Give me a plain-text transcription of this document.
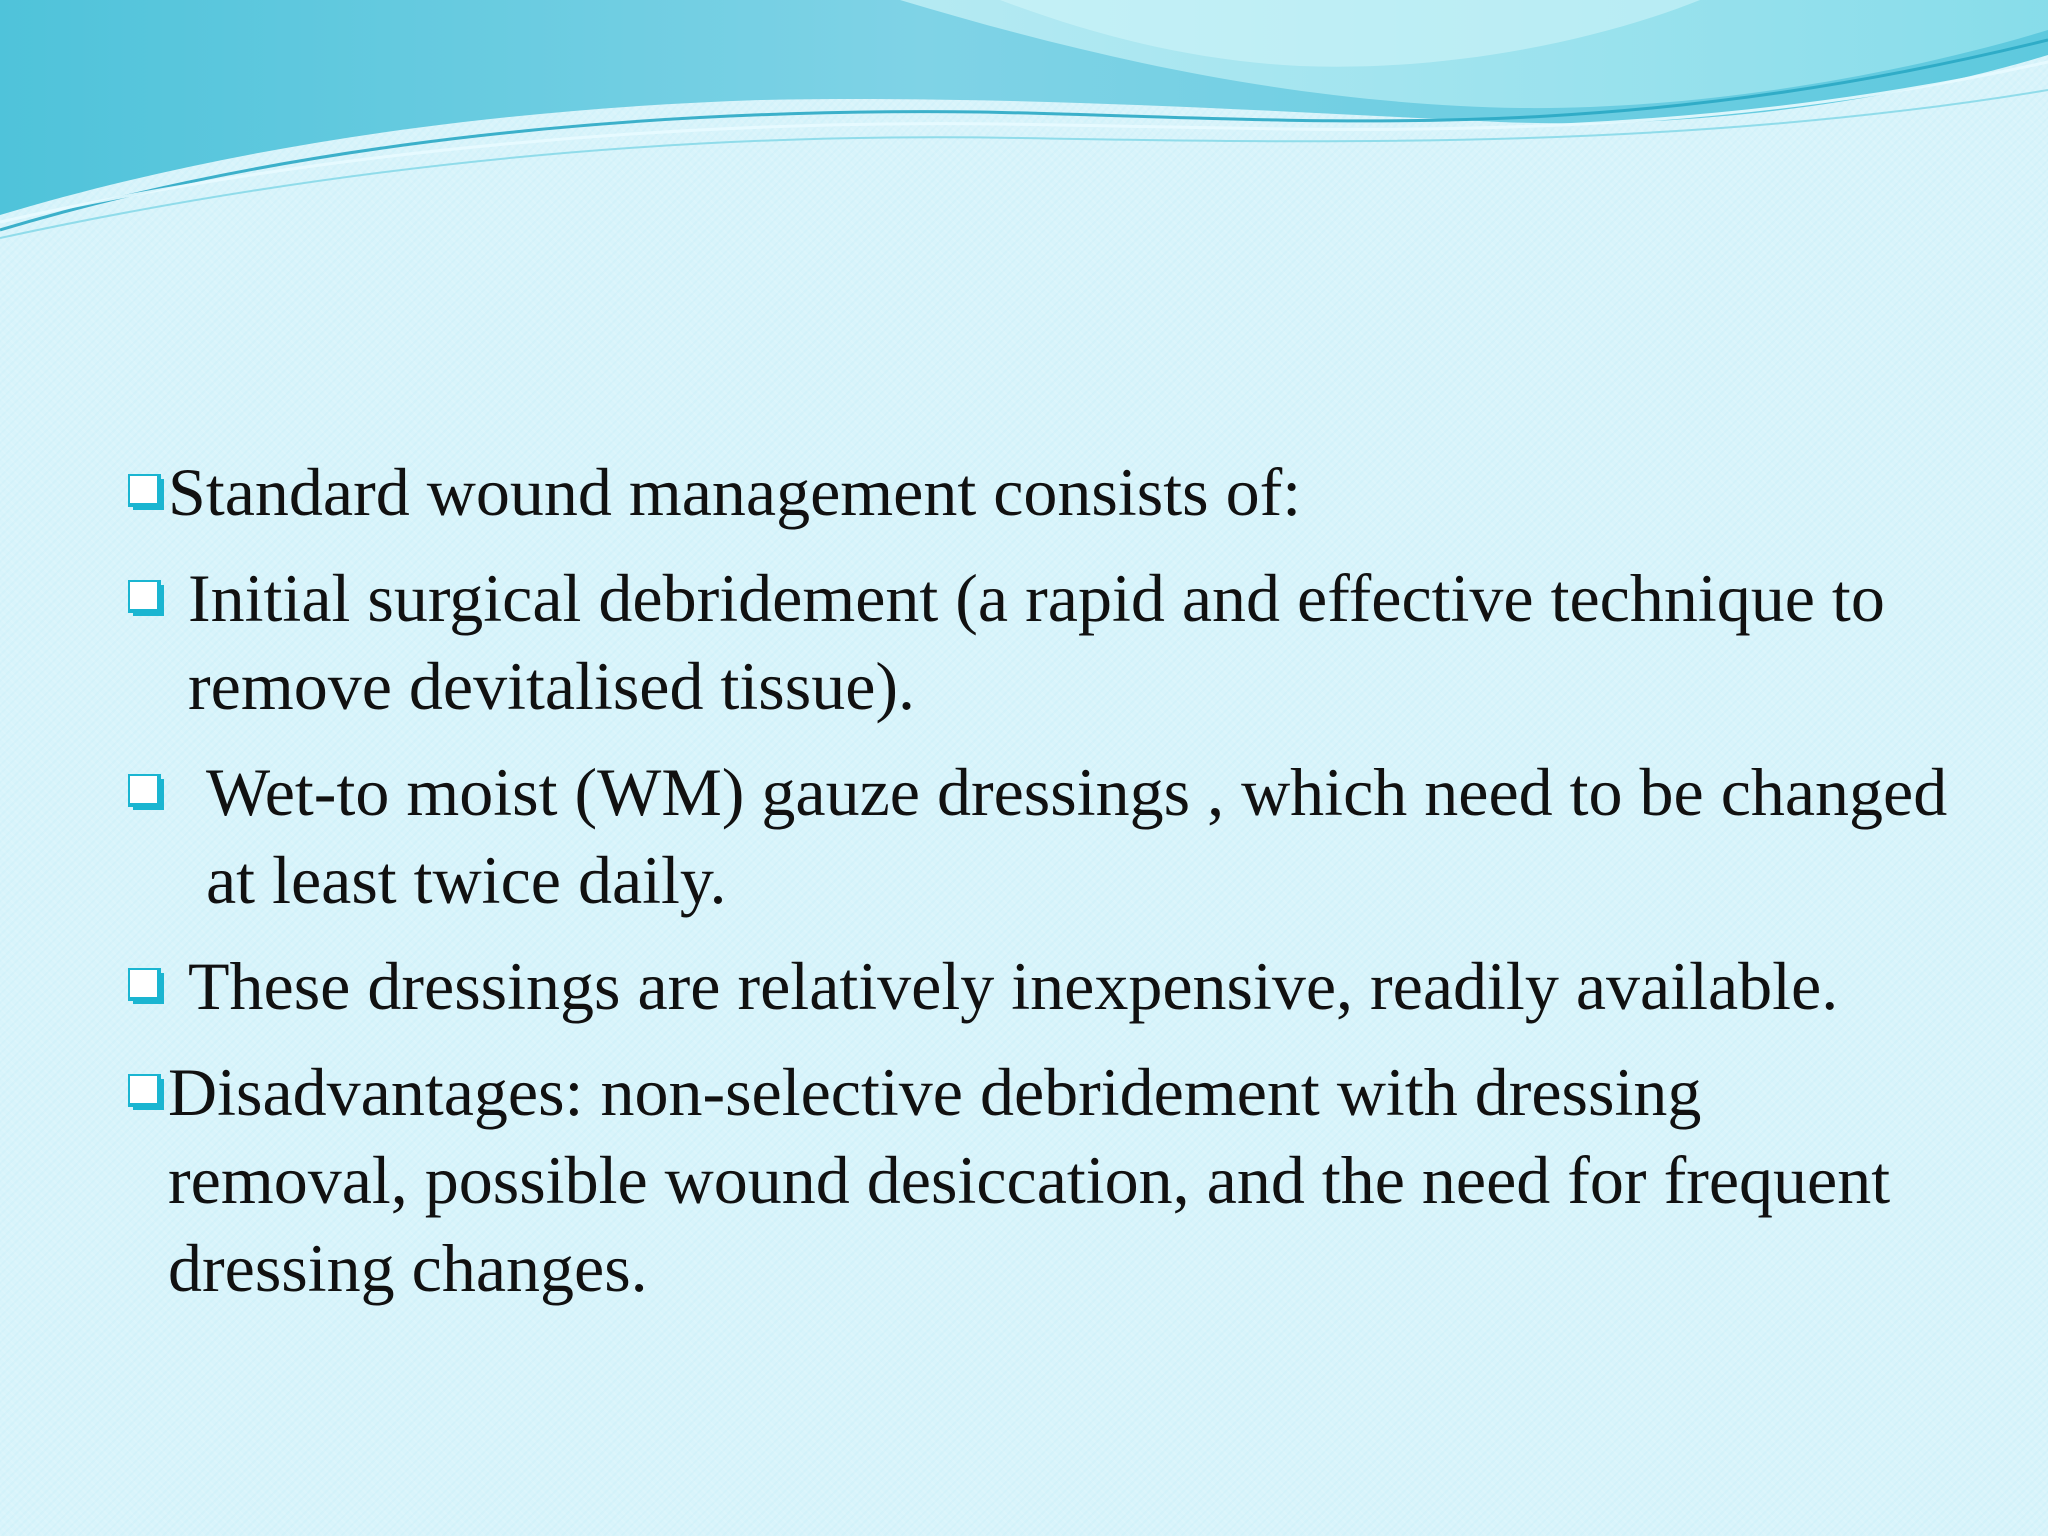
Standard wound management consists of:
Initial surgical debridement (a rapid and effective technique to remove devitalised tissue).
Wet-to moist (WM) gauze dressings , which need to be changed at least twice daily.
These dressings are relatively inexpensive, readily available.
Disadvantages: non-selective debridement with dressing removal, possible wound desiccation, and the need for frequent dressing changes.
